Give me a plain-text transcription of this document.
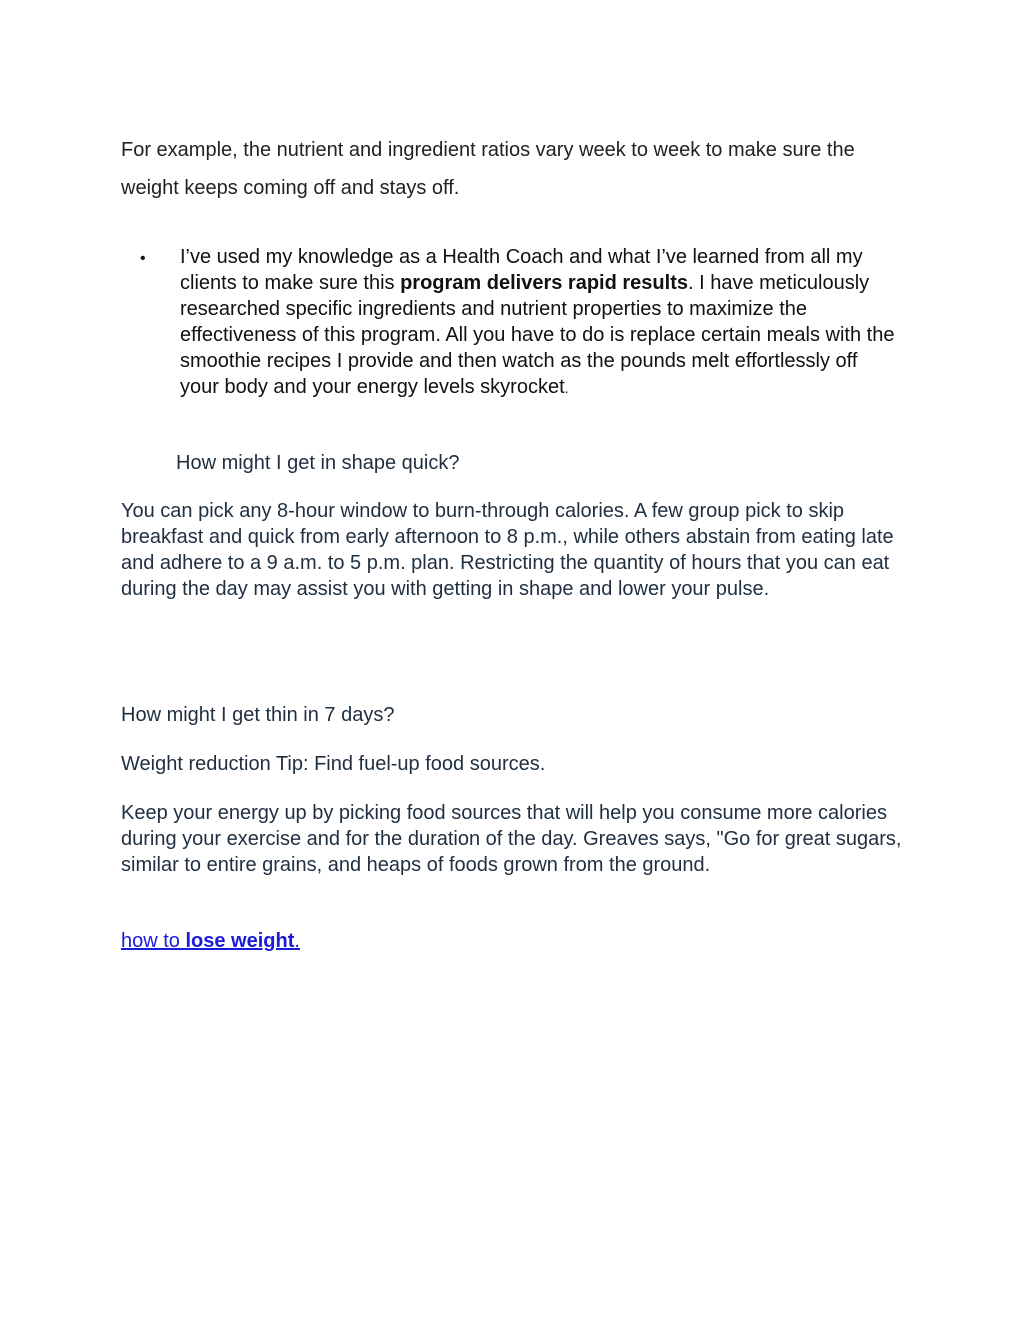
For example, the nutrient and ingredient ratios vary week to week to make sure the weight keeps coming off and stays off.

• I’ve used my knowledge as a Health Coach and what I’ve learned from all my clients to make sure this program delivers rapid results. I have meticulously researched specific ingredients and nutrient properties to maximize the effectiveness of this program. All you have to do is replace certain meals with the smoothie recipes I provide and then watch as the pounds melt effortlessly off your body and your energy levels skyrocket.

How might I get in shape quick?

You can pick any 8-hour window to burn-through calories. A few group pick to skip breakfast and quick from early afternoon to 8 p.m., while others abstain from eating late and adhere to a 9 a.m. to 5 p.m. plan. Restricting the quantity of hours that you can eat during the day may assist you with getting in shape and lower your pulse.

How might I get thin in 7 days?

Weight reduction Tip: Find fuel-up food sources.

Keep your energy up by picking food sources that will help you consume more calories during your exercise and for the duration of the day. Greaves says, "Go for great sugars, similar to entire grains, and heaps of foods grown from the ground.

how to lose weight.
